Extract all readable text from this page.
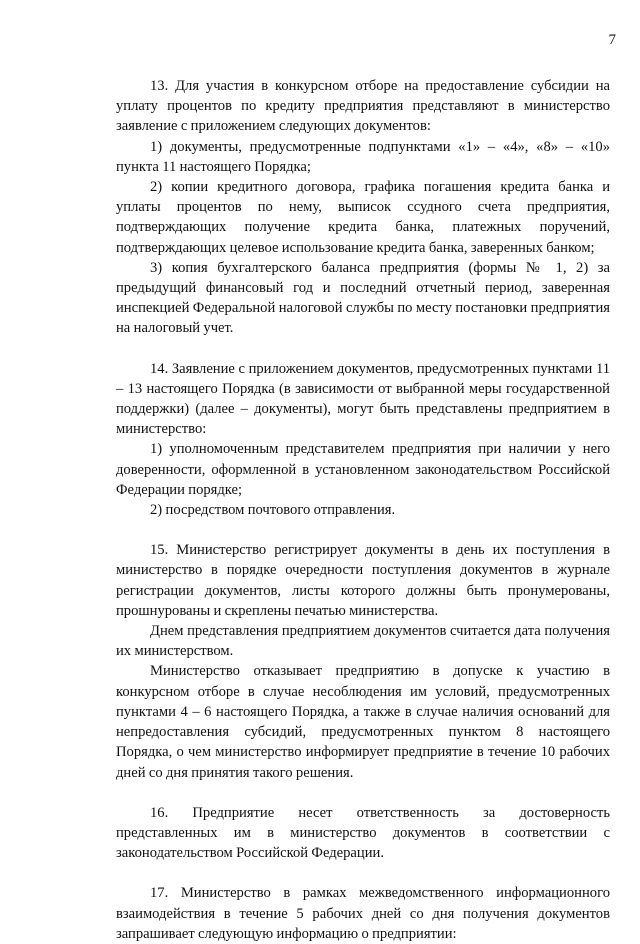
7

13. Для участия в конкурсном отборе на предоставление субсидии на уплату процентов по кредиту предприятия представляют в министерство заявление с приложением следующих документов:

1) документы, предусмотренные подпунктами «1» – «4», «8» – «10» пункта 11 настоящего Порядка;

2) копии кредитного договора, графика погашения кредита банка и уплаты процентов по нему, выписок ссудного счета предприятия, подтверждающих получение кредита банка, платежных поручений, подтверждающих целевое использование кредита банка, заверенных банком;

3) копия бухгалтерского баланса предприятия (формы № 1, 2) за предыдущий финансовый год и последний отчетный период, заверенная инспекцией Федеральной налоговой службы по месту постановки предприятия на налоговый учет.

14. Заявление с приложением документов, предусмотренных пунктами 11 – 13 настоящего Порядка (в зависимости от выбранной меры государственной поддержки) (далее – документы), могут быть представлены предприятием в министерство:

1) уполномоченным представителем предприятия при наличии у него доверенности, оформленной в установленном законодательством Российской Федерации порядке;

2) посредством почтового отправления.

15. Министерство регистрирует документы в день их поступления в министерство в порядке очередности поступления документов в журнале регистрации документов, листы которого должны быть пронумерованы, прошнурованы и скреплены печатью министерства.

Днем представления предприятием документов считается дата получения их министерством.

Министерство отказывает предприятию в допуске к участию в конкурсном отборе в случае несоблюдения им условий, предусмотренных пунктами 4 – 6 настоящего Порядка, а также в случае наличия оснований для непредоставления субсидий, предусмотренных пунктом 8 настоящего Порядка, о чем министерство информирует предприятие в течение 10 рабочих дней со дня принятия такого решения.

16. Предприятие несет ответственность за достоверность представленных им в министерство документов в соответствии с законодательством Российской Федерации.

17. Министерство в рамках межведомственного информационного взаимодействия в течение 5 рабочих дней со дня получения документов запрашивает следующую информацию о предприятии:
